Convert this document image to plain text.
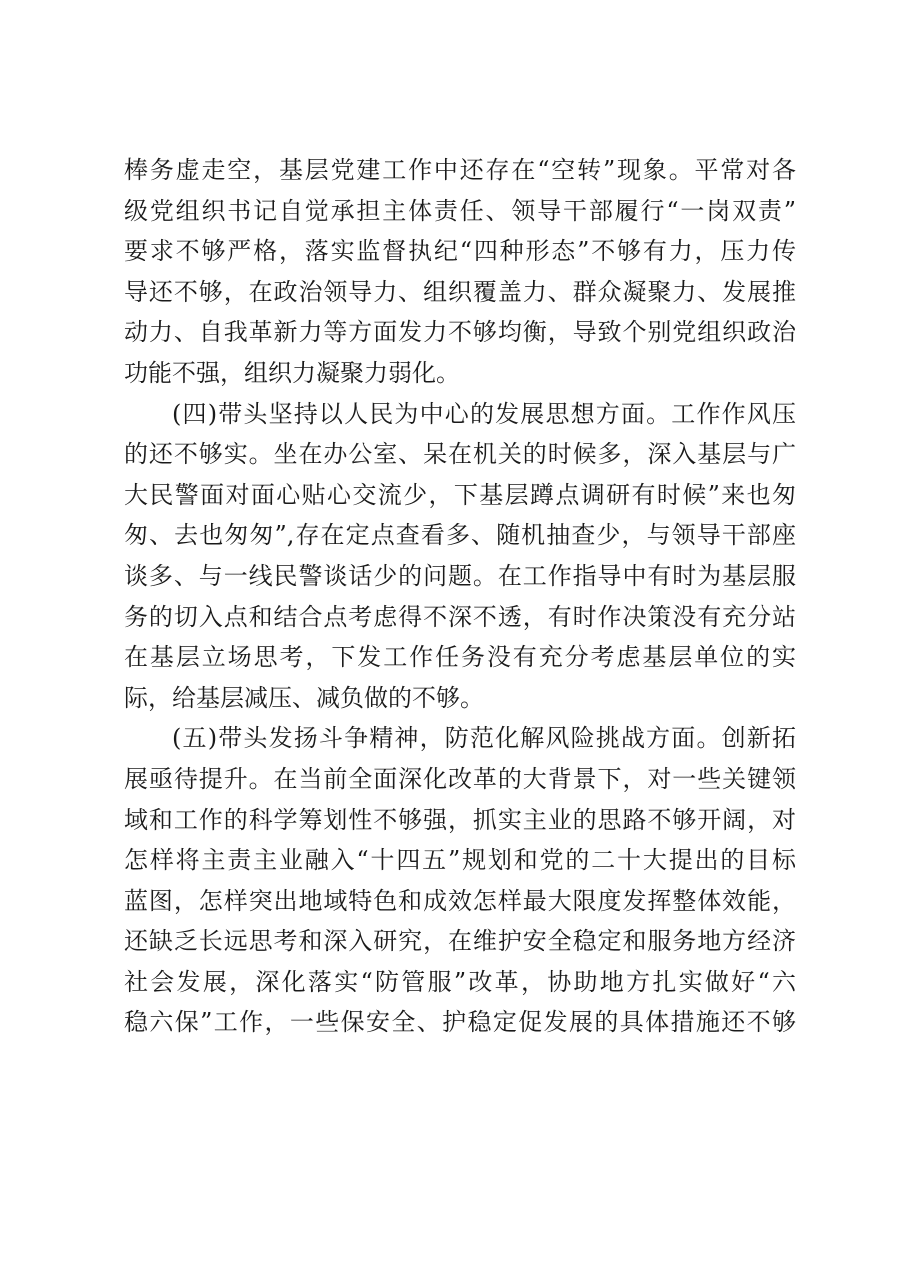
棒务虚走空，基层党建工作中还存在“空转”现象。平常对各
级党组织书记自觉承担主体责任、领导干部履行“一岗双责”
要求不够严格，落实监督执纪“四种形态”不够有力，压力传
导还不够，在政治领导力、组织覆盖力、群众凝聚力、发展推
动力、自我革新力等方面发力不够均衡，导致个别党组织政治
功能不强，组织力凝聚力弱化。
(四)带头坚持以人民为中心的发展思想方面。工作作风压
的还不够实。坐在办公室、呆在机关的时候多，深入基层与广
大民警面对面心贴心交流少，下基层蹲点调研有时候”来也匆
匆、去也匆匆”,存在定点查看多、随机抽查少，与领导干部座
谈多、与一线民警谈话少的问题。在工作指导中有时为基层服
务的切入点和结合点考虑得不深不透，有时作决策没有充分站
在基层立场思考，下发工作任务没有充分考虑基层单位的实
际，给基层减压、减负做的不够。
(五)带头发扬斗争精神，防范化解风险挑战方面。创新拓
展亟待提升。在当前全面深化改革的大背景下，对一些关键领
域和工作的科学筹划性不够强，抓实主业的思路不够开阔，对
怎样将主责主业融入“十四五”规划和党的二十大提出的目标
蓝图，怎样突出地域特色和成效怎样最大限度发挥整体效能，
还缺乏长远思考和深入研究，在维护安全稳定和服务地方经济
社会发展，深化落实“防管服”改革，协助地方扎实做好“六
稳六保”工作，一些保安全、护稳定促发展的具体措施还不够
